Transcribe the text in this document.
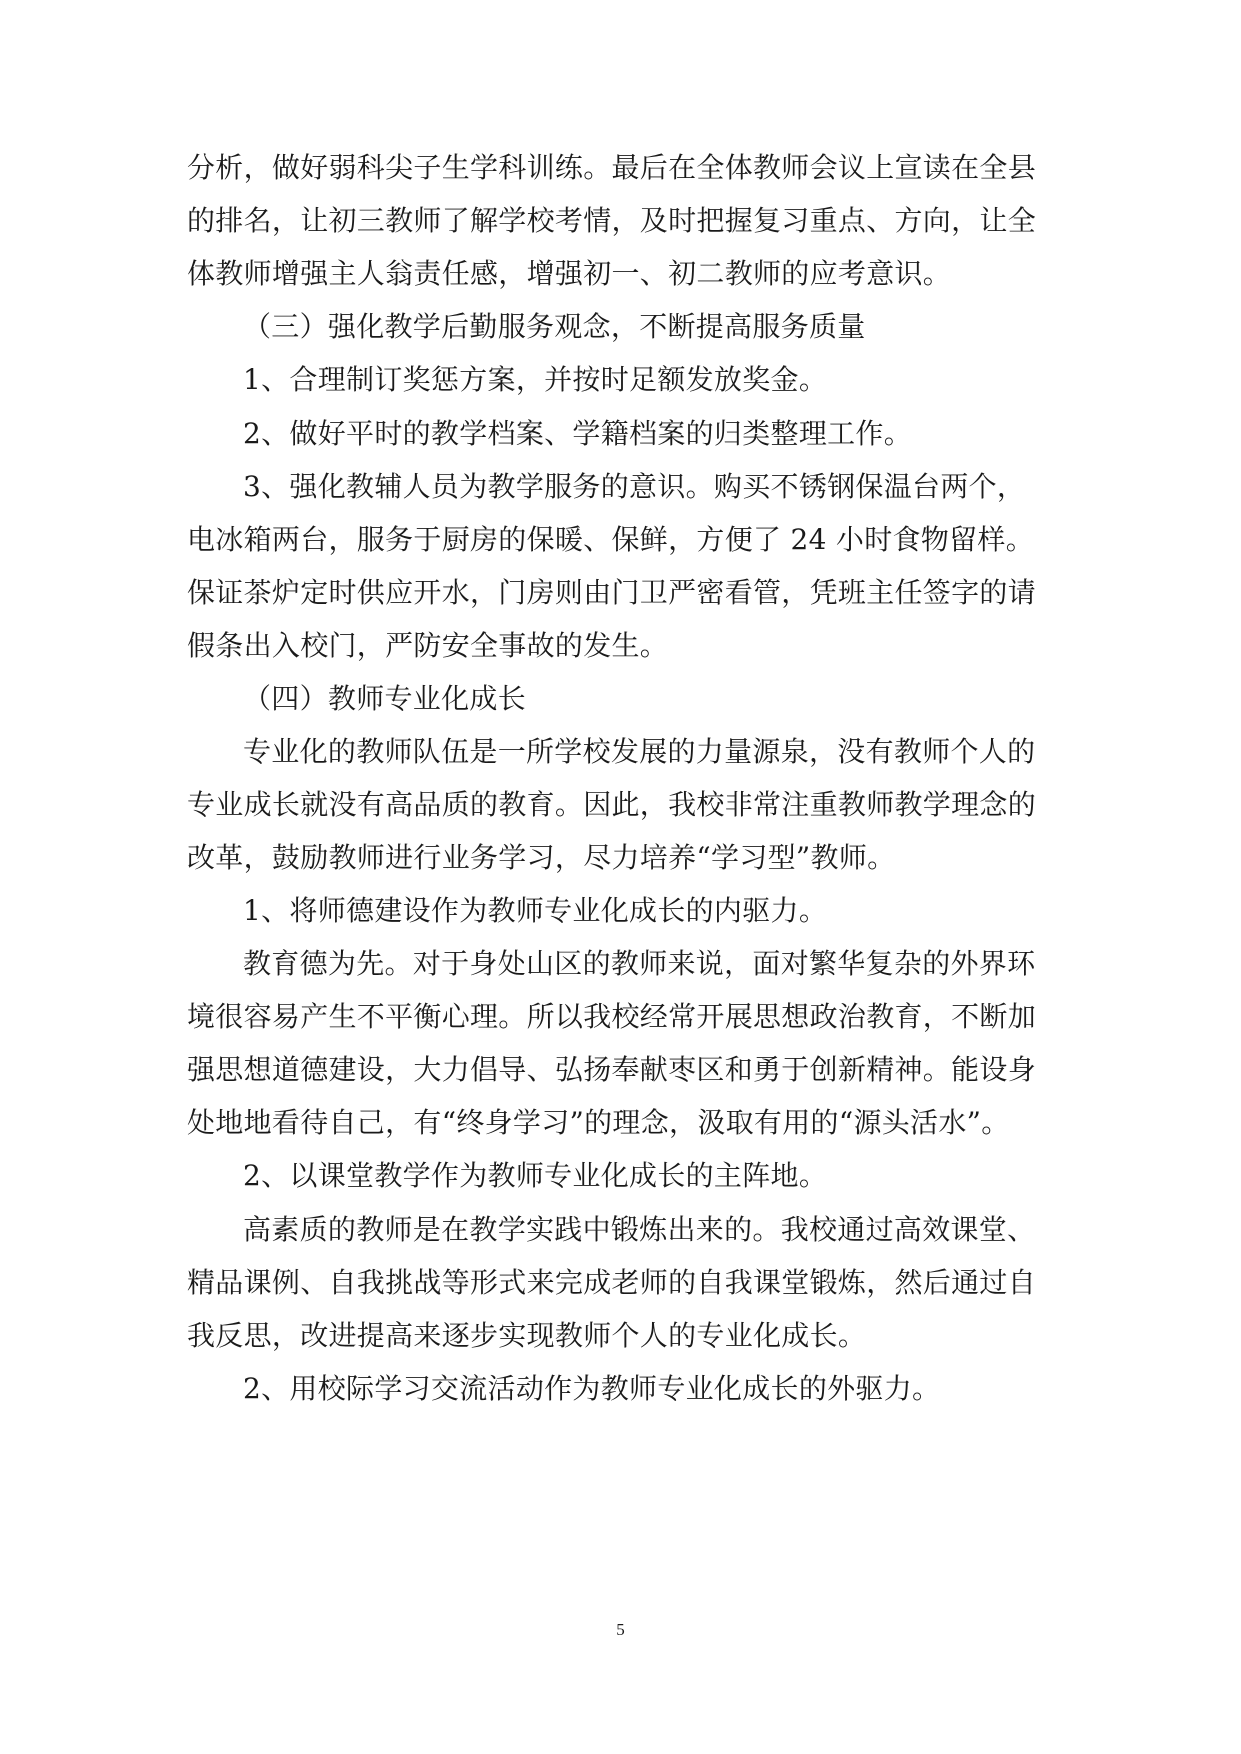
分析，做好弱科尖子生学科训练。最后在全体教师会议上宣读在全县
的排名，让初三教师了解学校考情，及时把握复习重点、方向，让全
体教师增强主人翁责任感，增强初一、初二教师的应考意识。
（三）强化教学后勤服务观念，不断提高服务质量
1、合理制订奖惩方案，并按时足额发放奖金。
2、做好平时的教学档案、学籍档案的归类整理工作。
3、强化教辅人员为教学服务的意识。购买不锈钢保温台两个，
电冰箱两台，服务于厨房的保暖、保鲜，方便了 24 小时食物留样。
保证茶炉定时供应开水，门房则由门卫严密看管，凭班主任签字的请
假条出入校门，严防安全事故的发生。
（四）教师专业化成长
专业化的教师队伍是一所学校发展的力量源泉，没有教师个人的
专业成长就没有高品质的教育。因此，我校非常注重教师教学理念的
改革，鼓励教师进行业务学习，尽力培养“学习型”教师。
1、将师德建设作为教师专业化成长的内驱力。
教育德为先。对于身处山区的教师来说，面对繁华复杂的外界环
境很容易产生不平衡心理。所以我校经常开展思想政治教育，不断加
强思想道德建设，大力倡导、弘扬奉献枣区和勇于创新精神。能设身
处地地看待自己，有“终身学习”的理念，汲取有用的“源头活水”。
2、以课堂教学作为教师专业化成长的主阵地。
高素质的教师是在教学实践中锻炼出来的。我校通过高效课堂、
精品课例、自我挑战等形式来完成老师的自我课堂锻炼，然后通过自
我反思，改进提高来逐步实现教师个人的专业化成长。
2、用校际学习交流活动作为教师专业化成长的外驱力。
5
